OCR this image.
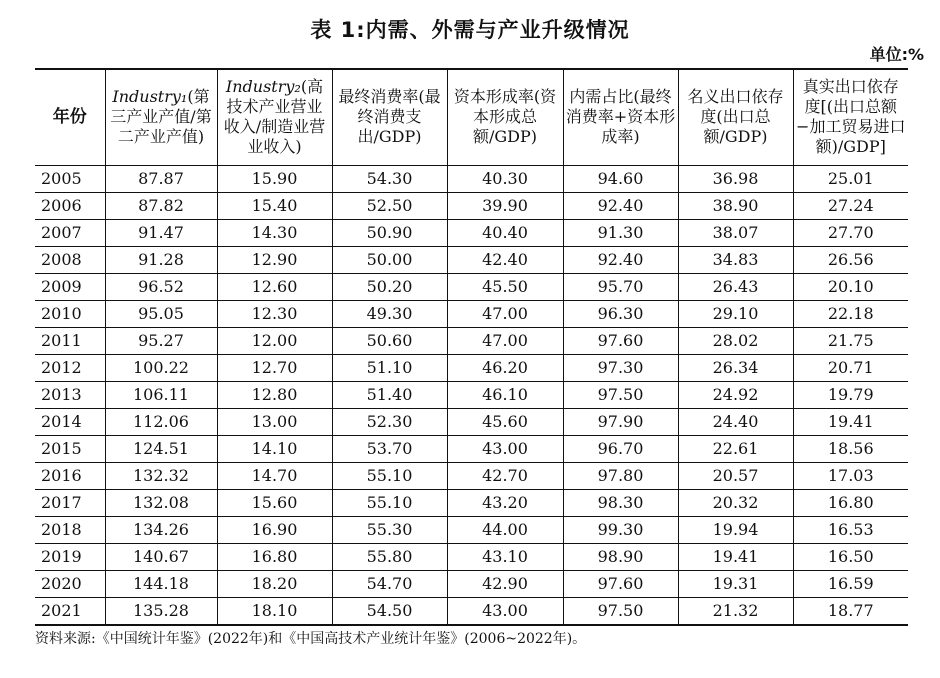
表 1:内需、外需与产业升级情况
单位:%
年份	Industry₁(第三产业产值/第二产业产值)	Industry₂(高技术产业营业收入/制造业营业收入)	最终消费率(最终消费支出/GDP)	资本形成率(资本形成总额/GDP)	内需占比(最终消费率+资本形成率)	名义出口依存度(出口总额/GDP)	真实出口依存度[(出口总额−加工贸易进口额)/GDP]

2005	87.87	15.90	54.30	40.30	94.60	36.98	25.01
2006	87.82	15.40	52.50	39.90	92.40	38.90	27.24
2007	91.47	14.30	50.90	40.40	91.30	38.07	27.70
2008	91.28	12.90	50.00	42.40	92.40	34.83	26.56
2009	96.52	12.60	50.20	45.50	95.70	26.43	20.10
2010	95.05	12.30	49.30	47.00	96.30	29.10	22.18
2011	95.27	12.00	50.60	47.00	97.60	28.02	21.75
2012	100.22	12.70	51.10	46.20	97.30	26.34	20.71
2013	106.11	12.80	51.40	46.10	97.50	24.92	19.79
2014	112.06	13.00	52.30	45.60	97.90	24.40	19.41
2015	124.51	14.10	53.70	43.00	96.70	22.61	18.56
2016	132.32	14.70	55.10	42.70	97.80	20.57	17.03
2017	132.08	15.60	55.10	43.20	98.30	20.32	16.80
2018	134.26	16.90	55.30	44.00	99.30	19.94	16.53
2019	140.67	16.80	55.80	43.10	98.90	19.41	16.50
2020	144.18	18.20	54.70	42.90	97.60	19.31	16.59
2021	135.28	18.10	54.50	43.00	97.50	21.32	18.77
资料来源:《中国统计年鉴》(2022年)和《中国高技术产业统计年鉴》(2006~2022年)。
